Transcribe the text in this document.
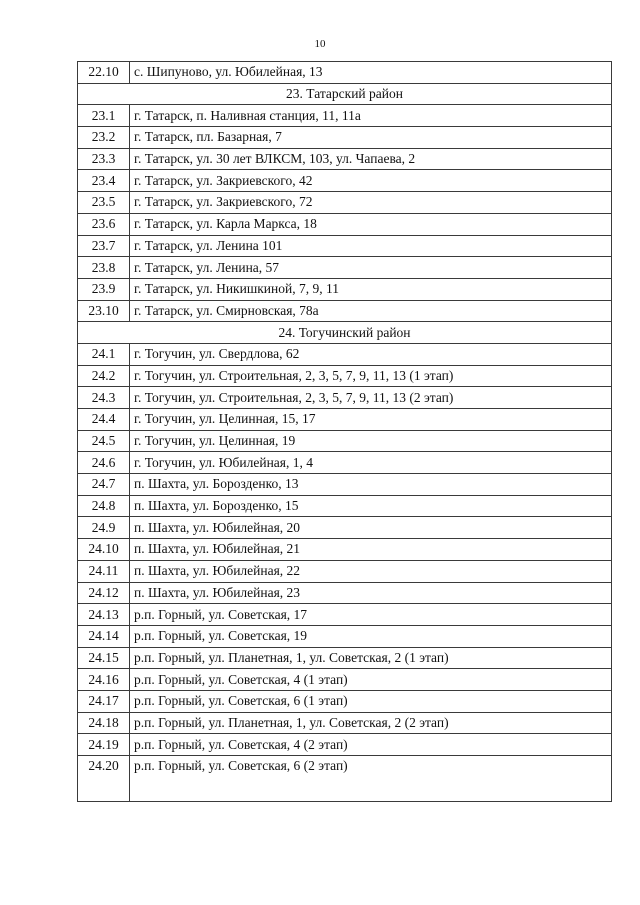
10
22.10	с. Шипуново, ул. Юбилейная, 13
23. Татарский район	
23.1	г. Татарск, п. Наливная станция, 11, 11а
23.2	г. Татарск, пл. Базарная, 7
23.3	г. Татарск, ул. 30 лет ВЛКСМ, 103, ул. Чапаева, 2
23.4	г. Татарск, ул. Закриевского, 42
23.5	г. Татарск, ул. Закриевского, 72
23.6	г. Татарск, ул. Карла Маркса, 18
23.7	г. Татарск, ул. Ленина 101
23.8	г. Татарск, ул. Ленина, 57
23.9	г. Татарск, ул. Никишкиной, 7, 9, 11
23.10	г. Татарск, ул. Смирновская, 78а
24. Тогучинский район	
24.1	г. Тогучин, ул. Свердлова, 62
24.2	г. Тогучин, ул. Строительная, 2, 3, 5, 7, 9, 11, 13 (1 этап)
24.3	г. Тогучин, ул. Строительная, 2, 3, 5, 7, 9, 11, 13 (2 этап)
24.4	г. Тогучин, ул. Целинная, 15, 17
24.5	г. Тогучин, ул. Целинная, 19
24.6	г. Тогучин, ул. Юбилейная, 1, 4
24.7	п. Шахта, ул. Борозденко, 13
24.8	п. Шахта, ул. Борозденко, 15
24.9	п. Шахта, ул. Юбилейная, 20
24.10	п. Шахта, ул. Юбилейная, 21
24.11	п. Шахта, ул. Юбилейная, 22
24.12	п. Шахта, ул. Юбилейная, 23
24.13	р.п. Горный, ул. Советская, 17
24.14	р.п. Горный, ул. Советская, 19
24.15	р.п. Горный, ул. Планетная, 1, ул. Советская, 2 (1 этап)
24.16	р.п. Горный, ул. Советская, 4 (1 этап)
24.17	р.п. Горный, ул. Советская, 6 (1 этап)
24.18	р.п. Горный, ул. Планетная, 1, ул. Советская, 2 (2 этап)
24.19	р.п. Горный, ул. Советская, 4 (2 этап)
24.20	р.п. Горный, ул. Советская, 6 (2 этап)
